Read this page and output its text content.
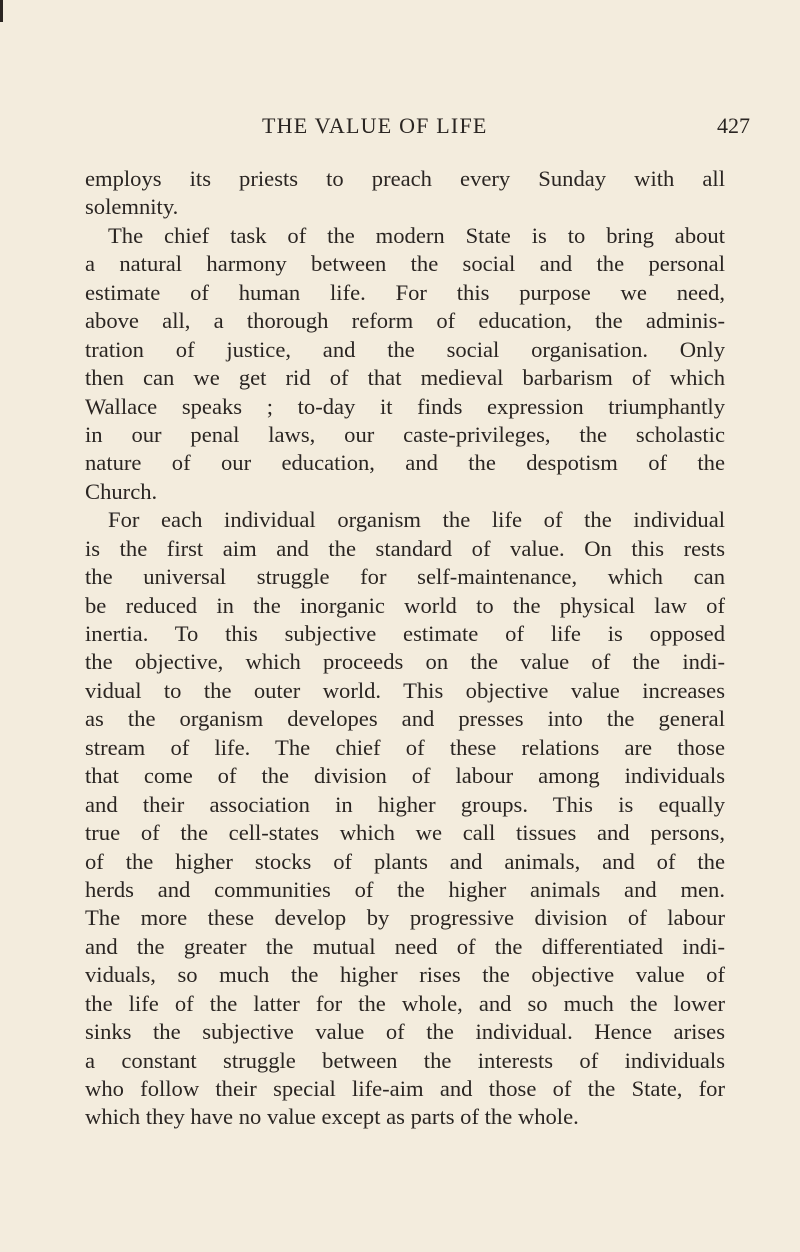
THE VALUE OF LIFE	427
employs its priests to preach every Sunday with all
solemnity.
The chief task of the modern State is to bring about
a natural harmony between the social and the personal
estimate of human life. For this purpose we need,
above all, a thorough reform of education, the adminis-
tration of justice, and the social organisation. Only
then can we get rid of that medieval barbarism of which
Wallace speaks ; to-day it finds expression triumphantly
in our penal laws, our caste-privileges, the scholastic
nature of our education, and the despotism of the
Church.
For each individual organism the life of the individual
is the first aim and the standard of value. On this rests
the universal struggle for self-maintenance, which can
be reduced in the inorganic world to the physical law of
inertia. To this subjective estimate of life is opposed
the objective, which proceeds on the value of the indi-
vidual to the outer world. This objective value increases
as the organism developes and presses into the general
stream of life. The chief of these relations are those
that come of the division of labour among individuals
and their association in higher groups. This is equally
true of the cell-states which we call tissues and persons,
of the higher stocks of plants and animals, and of the
herds and communities of the higher animals and men.
The more these develop by progressive division of labour
and the greater the mutual need of the differentiated indi-
viduals, so much the higher rises the objective value of
the life of the latter for the whole, and so much the lower
sinks the subjective value of the individual. Hence arises
a constant struggle between the interests of individuals
who follow their special life-aim and those of the State, for
which they have no value except as parts of the whole.
